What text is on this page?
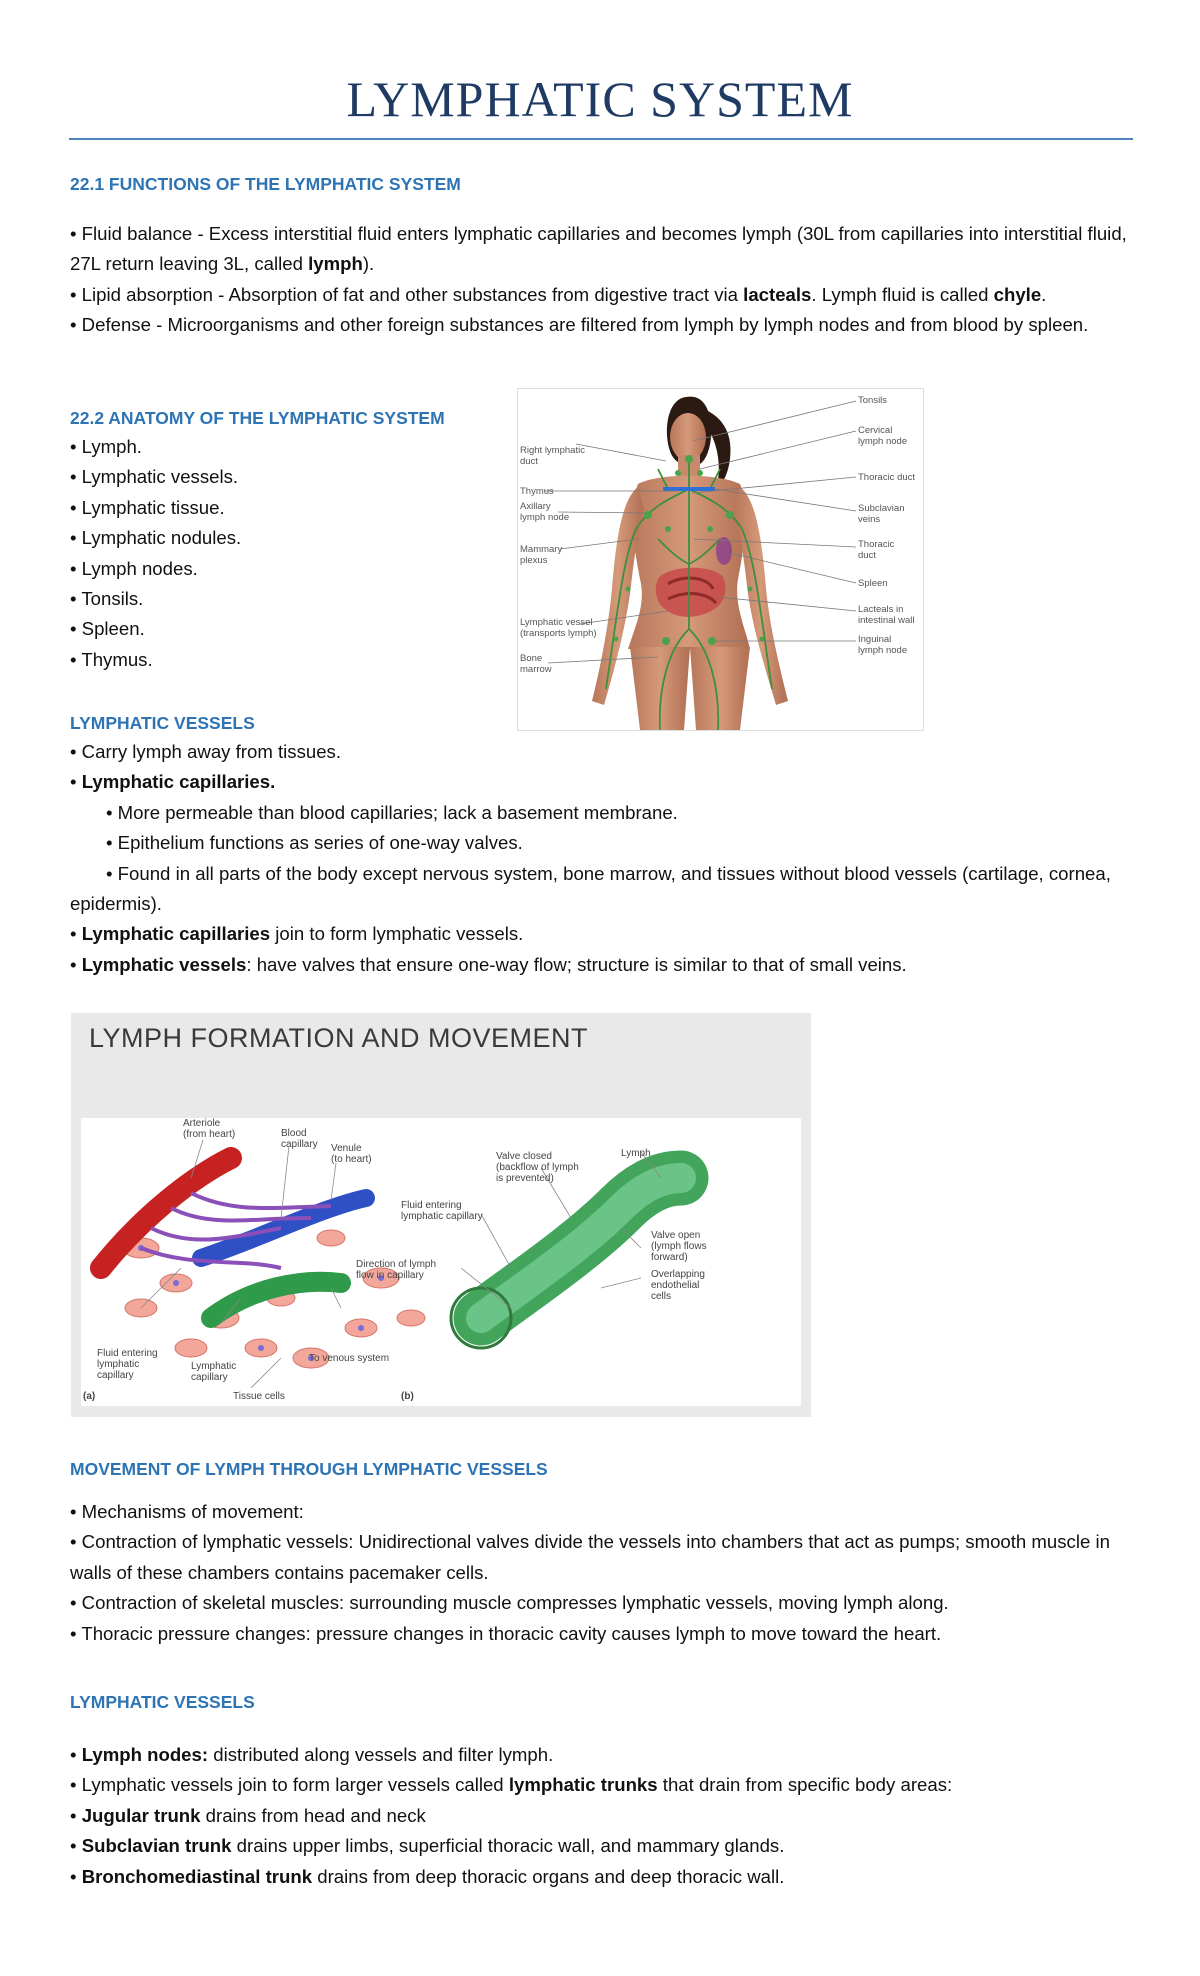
LYMPHATIC SYSTEM
22.1 FUNCTIONS OF THE LYMPHATIC SYSTEM

• Fluid balance - Excess interstitial fluid enters lymphatic capillaries and becomes lymph (30L from capillaries into interstitial fluid, 27L return leaving 3L, called lymph).

• Lipid absorption - Absorption of fat and other substances from digestive tract via lacteals. Lymph fluid is called chyle.

• Defense - Microorganisms and other foreign substances are filtered from lymph by lymph nodes and from blood by spleen.

22.2 ANATOMY OF THE LYMPHATIC SYSTEM
• Lymph.
• Lymphatic vessels.
• Lymphatic tissue.
• Lymphatic nodules.
• Lymph nodes.
• Tonsils.
• Spleen.
• Thymus.
Right lymphatic
duct
Thymus
Axillary
lymph node
Mammary
plexus
Lymphatic vessel
(transports lymph)
Bone
marrow
Tonsils
Cervical
lymph node
Thoracic duct
Subclavian
veins
Thoracic
duct
Spleen
Lacteals in
intestinal wall
Inguinal
lymph node
LYMPHATIC VESSELS
• Carry lymph away from tissues.
• Lymphatic capillaries.
• More permeable than blood capillaries; lack a basement membrane.
• Epithelium functions as series of one-way valves.
• Found in all parts of the body except nervous system, bone marrow, and tissues without blood vessels (cartilage, cornea, epidermis).
• Lymphatic capillaries join to form lymphatic vessels.
• Lymphatic vessels: have valves that ensure one-way flow; structure is similar to that of small veins.
LYMPH FORMATION AND MOVEMENT
Arteriole
(from heart)	Blood
capillary Venule
(to heart)
Fluid entering
lymphatic
capillary
Lymphatic
capillary
To venous system
Tissue cells
(a)
Valve closed
(backflow of lymph
is prevented)
Lymph
Fluid entering
lymphatic capillary
Valve open
(lymph flows
forward)
Direction of lymph
flow in capillary	Overlapping
endothelial
cells
(b)
MOVEMENT OF LYMPH THROUGH LYMPHATIC VESSELS
• Mechanisms of movement:
• Contraction of lymphatic vessels: Unidirectional valves divide the vessels into chambers that act as pumps; smooth muscle in walls of these chambers contains pacemaker cells.
• Contraction of skeletal muscles: surrounding muscle compresses lymphatic vessels, moving lymph along.
• Thoracic pressure changes: pressure changes in thoracic cavity causes lymph to move toward the heart.
LYMPHATIC VESSELS
• Lymph nodes: distributed along vessels and filter lymph.
• Lymphatic vessels join to form larger vessels called lymphatic trunks that drain from specific body areas:
• Jugular trunk drains from head and neck
• Subclavian trunk drains upper limbs, superficial thoracic wall, and mammary glands.
• Bronchomediastinal trunk drains from deep thoracic organs and deep thoracic wall.
